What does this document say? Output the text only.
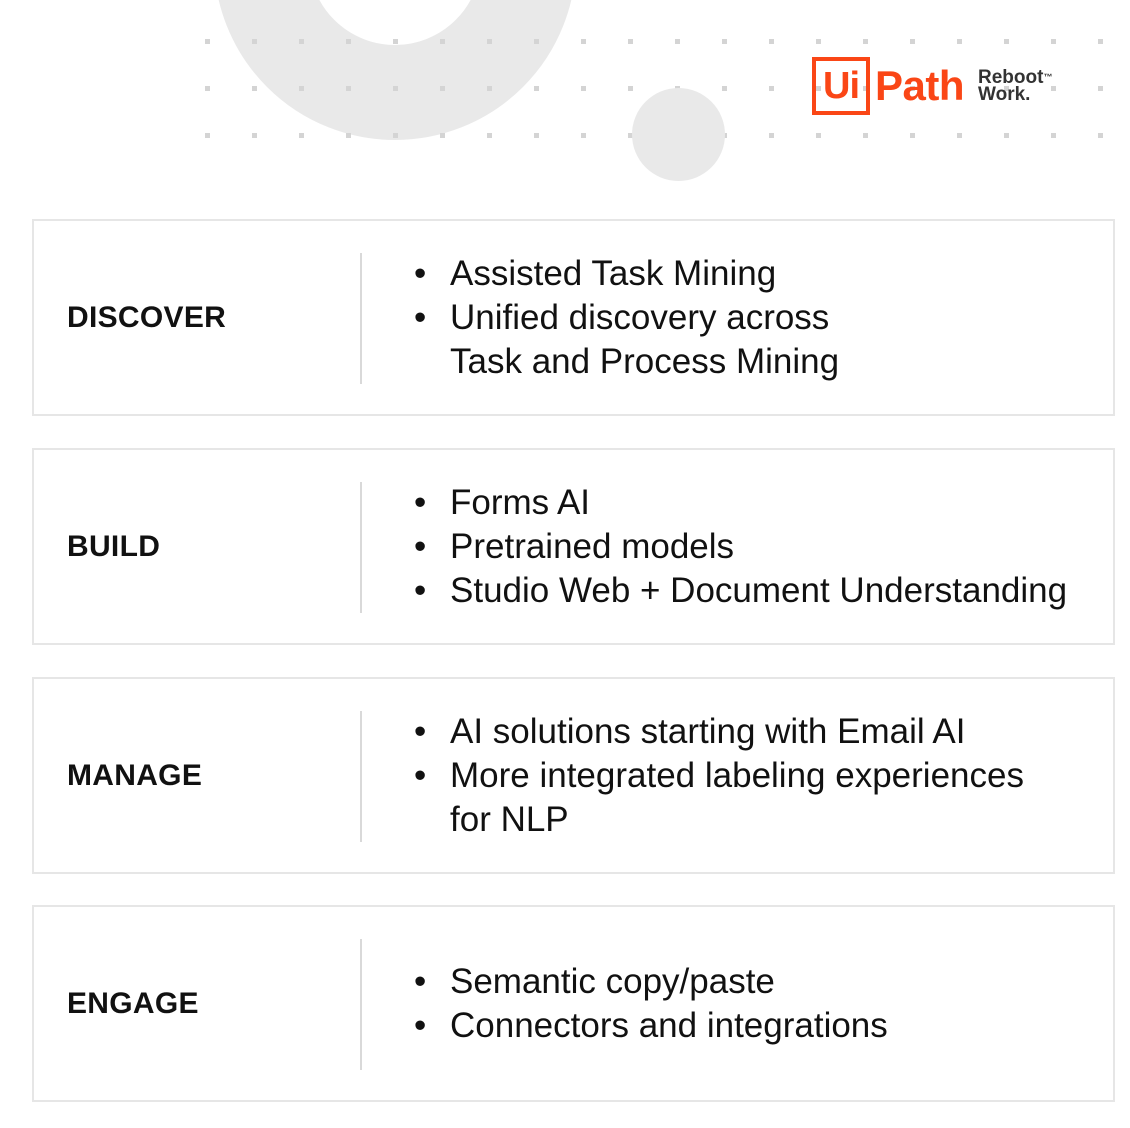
Ui Path Reboot™
Work.
DISCOVER
• Assisted Task Mining
• Unified discovery across
Task and Process Mining
BUILD
• Forms AI
• Pretrained models
• Studio Web + Document Understanding
MANAGE
• AI solutions starting with Email AI
• More integrated labeling experiences
for NLP
ENGAGE
• Semantic copy/paste
• Connectors and integrations
